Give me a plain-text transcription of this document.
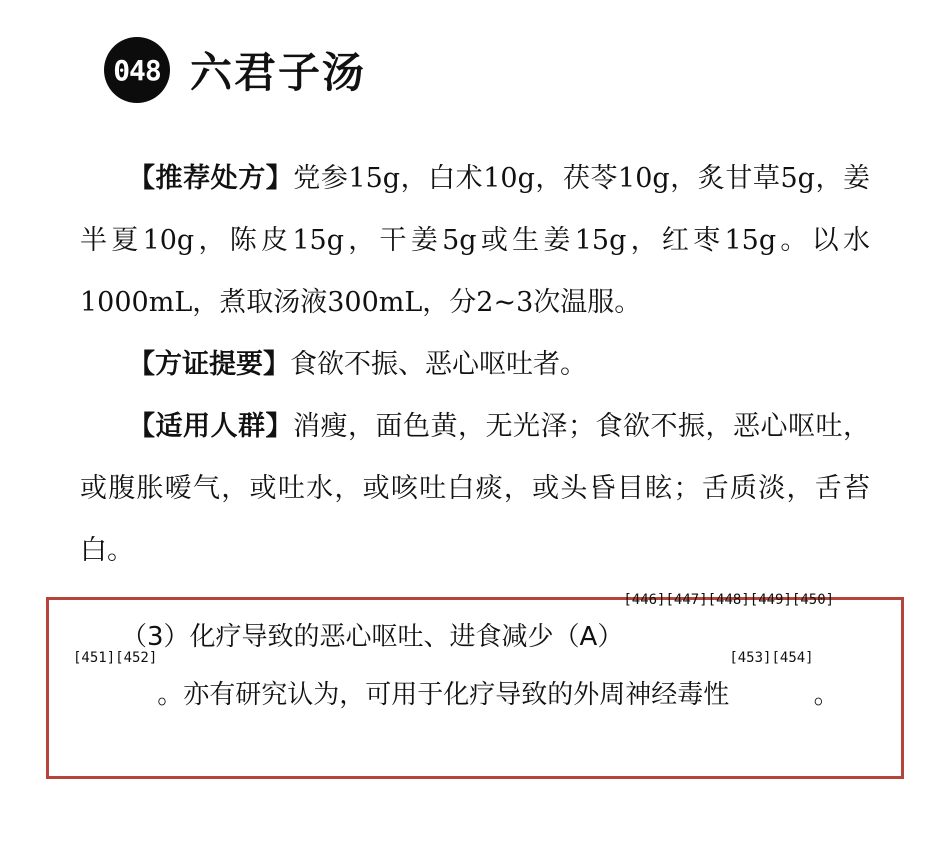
048 六君子汤

【推荐处方】党参15g，白术10g，茯苓10g，炙甘草5g，姜半夏10g，陈皮15g，干姜5g或生姜15g，红枣15g。以水1000mL，煮取汤液300mL，分2~3次温服。

【方证提要】食欲不振、恶心呕吐者。

【适用人群】消瘦，面色黄，无光泽；食欲不振，恶心呕吐，或腹胀嗳气，或吐水，或咳吐白痰，或头昏目眩；舌质淡，舌苔白。

（3）化疗导致的恶心呕吐、进食减少（A）[446][447][448][449][450][451][452]。亦有研究认为，可用于化疗导致的外周神经毒性[453][454]。
